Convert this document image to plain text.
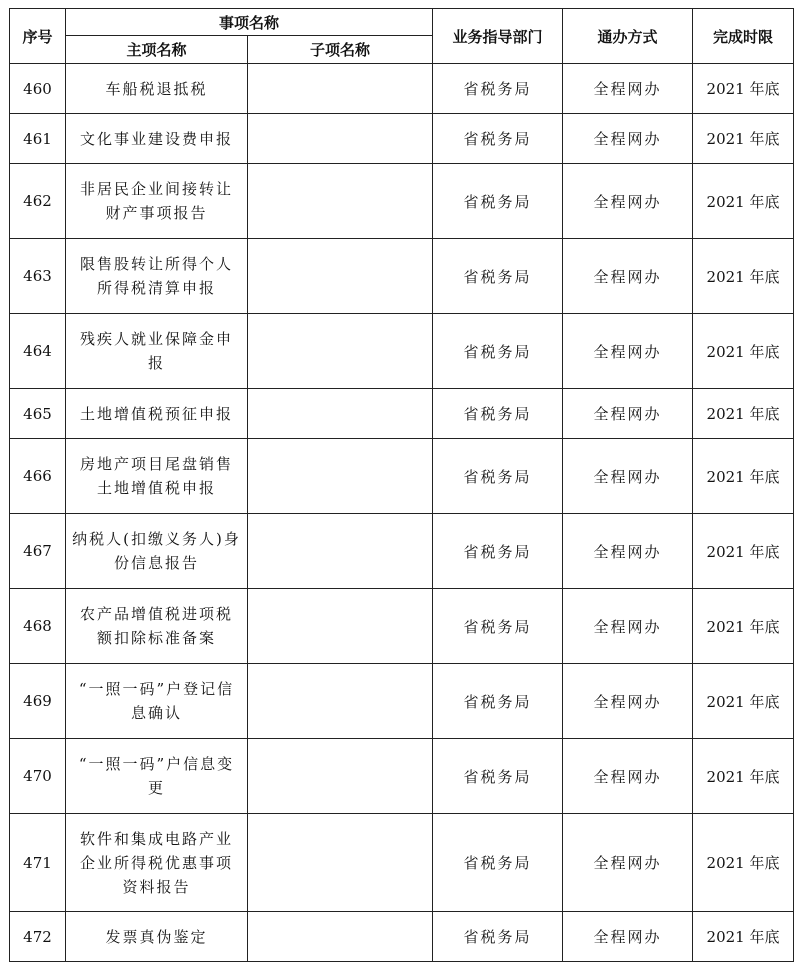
序号	事项名称		业务指导部门	通办方式	完成时限
	主项名称	子项名称			
460	车船税退抵税		省税务局	全程网办	2021 年底
461	文化事业建设费申报		省税务局	全程网办	2021 年底
462	非居民企业间接转让财产事项报告		省税务局	全程网办	2021 年底
463	限售股转让所得个人所得税清算申报		省税务局	全程网办	2021 年底
464	残疾人就业保障金申报		省税务局	全程网办	2021 年底
465	土地增值税预征申报		省税务局	全程网办	2021 年底
466	房地产项目尾盘销售土地增值税申报		省税务局	全程网办	2021 年底
467	纳税人(扣缴义务人)身份信息报告		省税务局	全程网办	2021 年底
468	农产品增值税进项税额扣除标准备案		省税务局	全程网办	2021 年底
469	“一照一码”户登记信息确认		省税务局	全程网办	2021 年底
470	“一照一码”户信息变更		省税务局	全程网办	2021 年底
471	软件和集成电路产业企业所得税优惠事项资料报告		省税务局	全程网办	2021 年底
472	发票真伪鉴定		省税务局	全程网办	2021 年底
